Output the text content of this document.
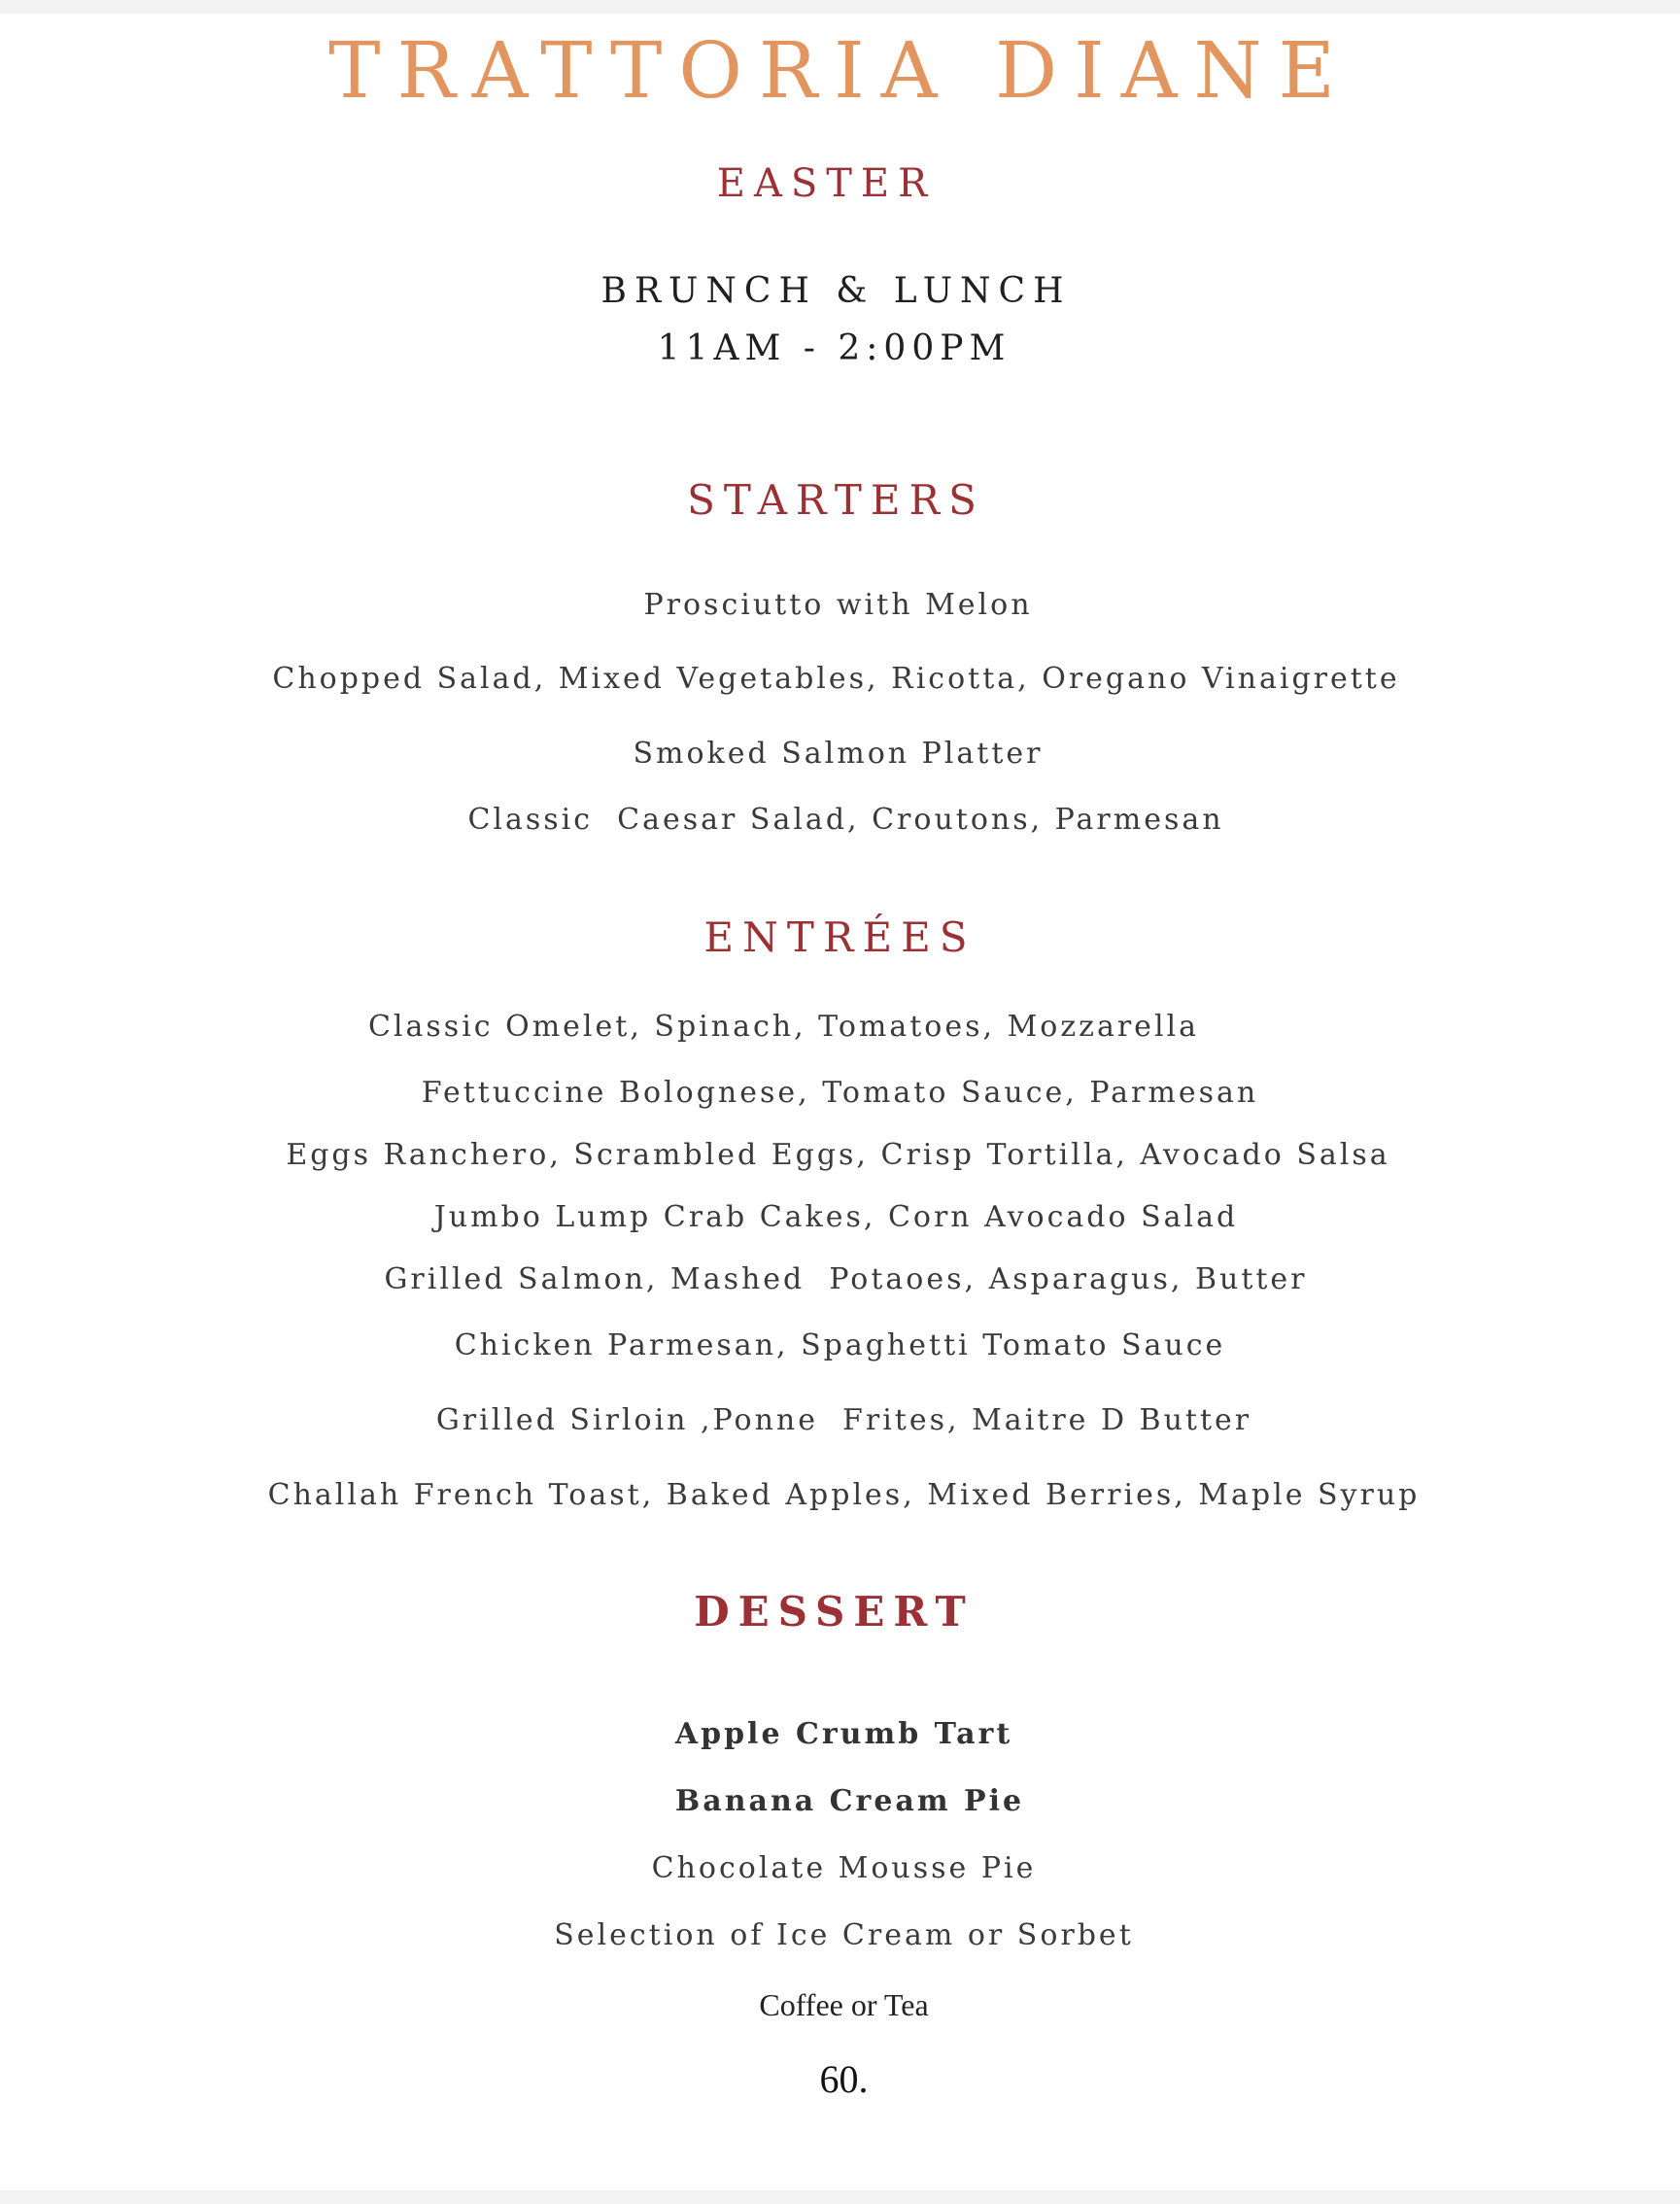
TRATTORIA DIANE
EASTER
BRUNCH & LUNCH
11AM - 2:00PM
STARTERS
Prosciutto with Melon
Chopped Salad, Mixed Vegetables, Ricotta, Oregano Vinaigrette
Smoked Salmon Platter
Classic  Caesar Salad, Croutons, Parmesan
ENTRÉES
Classic Omelet, Spinach, Tomatoes, Mozzarella
Fettuccine Bolognese, Tomato Sauce, Parmesan
Eggs Ranchero, Scrambled Eggs, Crisp Tortilla, Avocado Salsa
Jumbo Lump Crab Cakes, Corn Avocado Salad
Grilled Salmon, Mashed  Potaoes, Asparagus, Butter
Chicken Parmesan, Spaghetti Tomato Sauce
Grilled Sirloin ,Ponne  Frites, Maitre D Butter
Challah French Toast, Baked Apples, Mixed Berries, Maple Syrup
DESSERT
Apple Crumb Tart
Banana Cream Pie
Chocolate Mousse Pie
Selection of Ice Cream or Sorbet
Coffee or Tea
60.
